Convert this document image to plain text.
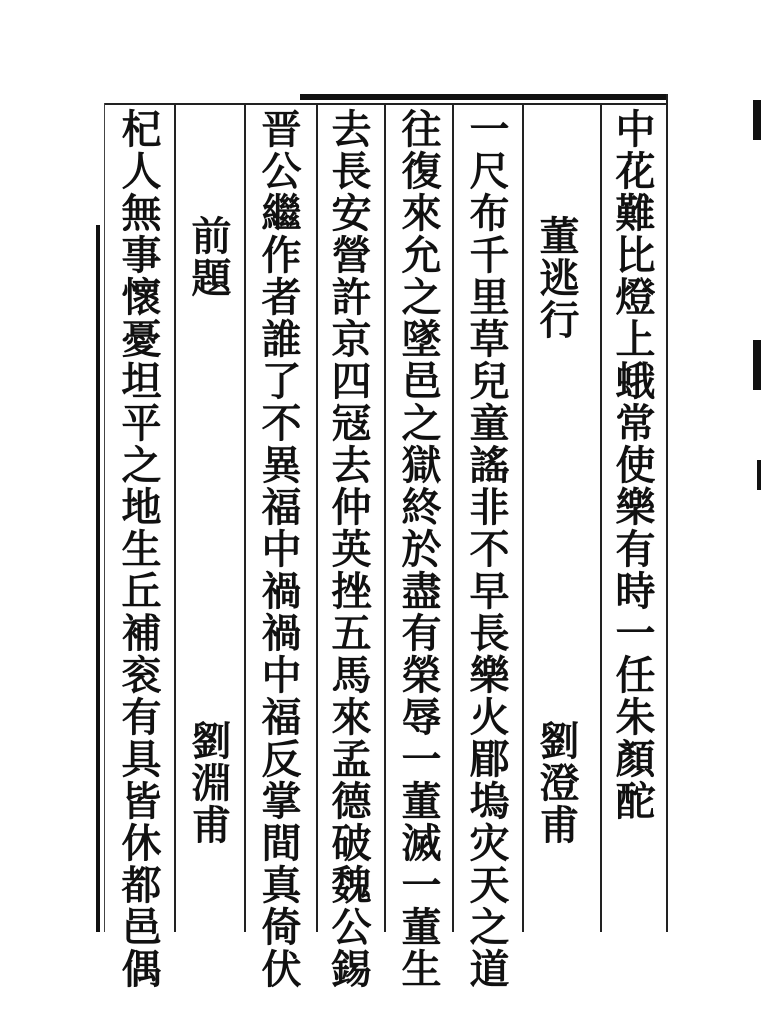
中花難比燈上蛾常使樂有時一任朱顏酡
董逃行
劉澄甫
一尺布千里草兒童謠非不早長樂火郿塢灾天之道
往復來允之墜邑之獄終於盡有榮辱一董滅一董生
去長安營許京四冦去仲英挫五馬來孟德破魏公錫
晋公繼作者誰了不異福中禍禍中福反掌間真倚伏
前題
劉淵甫
杞人無事懷憂坦平之地生丘補衮有具皆休都邑偶
